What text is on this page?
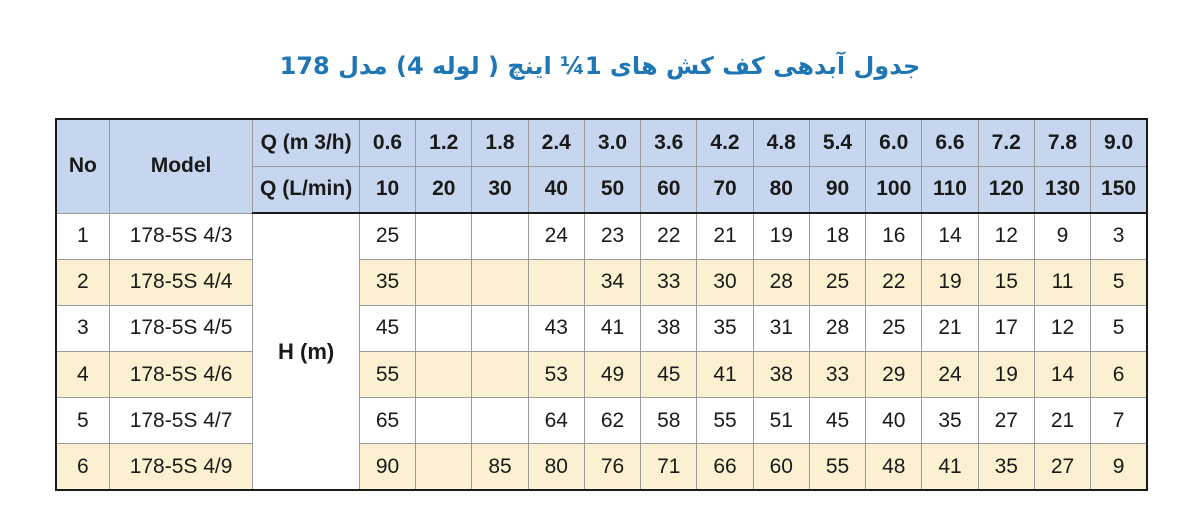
جدول آبدهی کف کش های 1¼ اینچ ( لوله 4) مدل 178
No	Model	Q (m 3/h)	0.6	1.2	1.8	2.4	3.0	3.6	4.2	4.8	5.4	6.0	6.6	7.2	7.8	9.0
		Q (L/min)	10	20	30	40	50	60	70	80	90	100	110	120	130	150
1	178-5S 4/3	H (m)	25			24	23	22	21	19	18	16	14	12	9	3
2	178-5S 4/4		35				34	33	30	28	25	22	19	15	11	5
3	178-5S 4/5		45			43	41	38	35	31	28	25	21	17	12	5
4	178-5S 4/6		55			53	49	45	41	38	33	29	24	19	14	6
5	178-5S 4/7		65			64	62	58	55	51	45	40	35	27	21	7
6	178-5S 4/9		90		85	80	76	71	66	60	55	48	41	35	27	9
